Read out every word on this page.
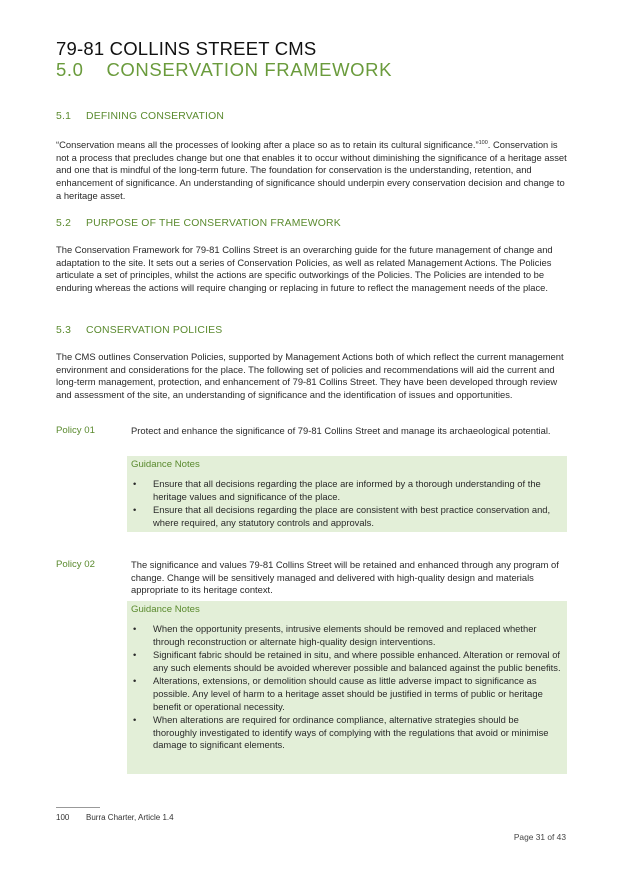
79-81 COLLINS STREET CMS
5.0    CONSERVATION FRAMEWORK
5.1 DEFINING CONSERVATION
“Conservation means all the processes of looking after a place so as to retain its cultural significance.”$^{100}$. Conservation is not a process that precludes change but one that enables it to occur without diminishing the significance of a heritage asset and one that is mindful of the long-term future. The foundation for conservation is the understanding, retention, and enhancement of significance. An understanding of significance should underpin every conservation decision and change to a heritage asset.
5.2 PURPOSE OF THE CONSERVATION FRAMEWORK
The Conservation Framework for 79-81 Collins Street is an overarching guide for the future management of change and adaptation to the site. It sets out a series of Conservation Policies, as well as related Management Actions. The Policies articulate a set of principles, whilst the actions are specific outworkings of the Policies. The Policies are intended to be enduring whereas the actions will require changing or replacing in future to reflect the management needs of the place.
5.3 CONSERVATION POLICIES
The CMS outlines Conservation Policies, supported by Management Actions both of which reflect the current management environment and considerations for the place. The following set of policies and recommendations will aid the current and long-term management, protection, and enhancement of 79-81 Collins Street. They have been developed through review and assessment of the site, an understanding of significance and the identification of issues and opportunities.
Policy 01	Protect and enhance the significance of 79-81 Collins Street and manage its archaeological potential.
Guidance Notes
• Ensure that all decisions regarding the place are informed by a thorough understanding of the heritage values and significance of the place.
• Ensure that all decisions regarding the place are consistent with best practice conservation and, where required, any statutory controls and approvals.
Policy 02	The significance and values 79-81 Collins Street will be retained and enhanced through any program of change. Change will be sensitively managed and delivered with high-quality design and materials appropriate to its heritage context.
Guidance Notes
• When the opportunity presents, intrusive elements should be removed and replaced whether through reconstruction or alternate high-quality design interventions.
• Significant fabric should be retained in situ, and where possible enhanced. Alteration or removal of any such elements should be avoided wherever possible and balanced against the public benefits.
• Alterations, extensions, or demolition should cause as little adverse impact to significance as possible. Any level of harm to a heritage asset should be justified in terms of public or heritage benefit or operational necessity.
• When alterations are required for ordinance compliance, alternative strategies should be thoroughly investigated to identify ways of complying with the regulations that avoid or minimise damage to significant elements.
100 Burra Charter, Article 1.4
Page 31 of 43
